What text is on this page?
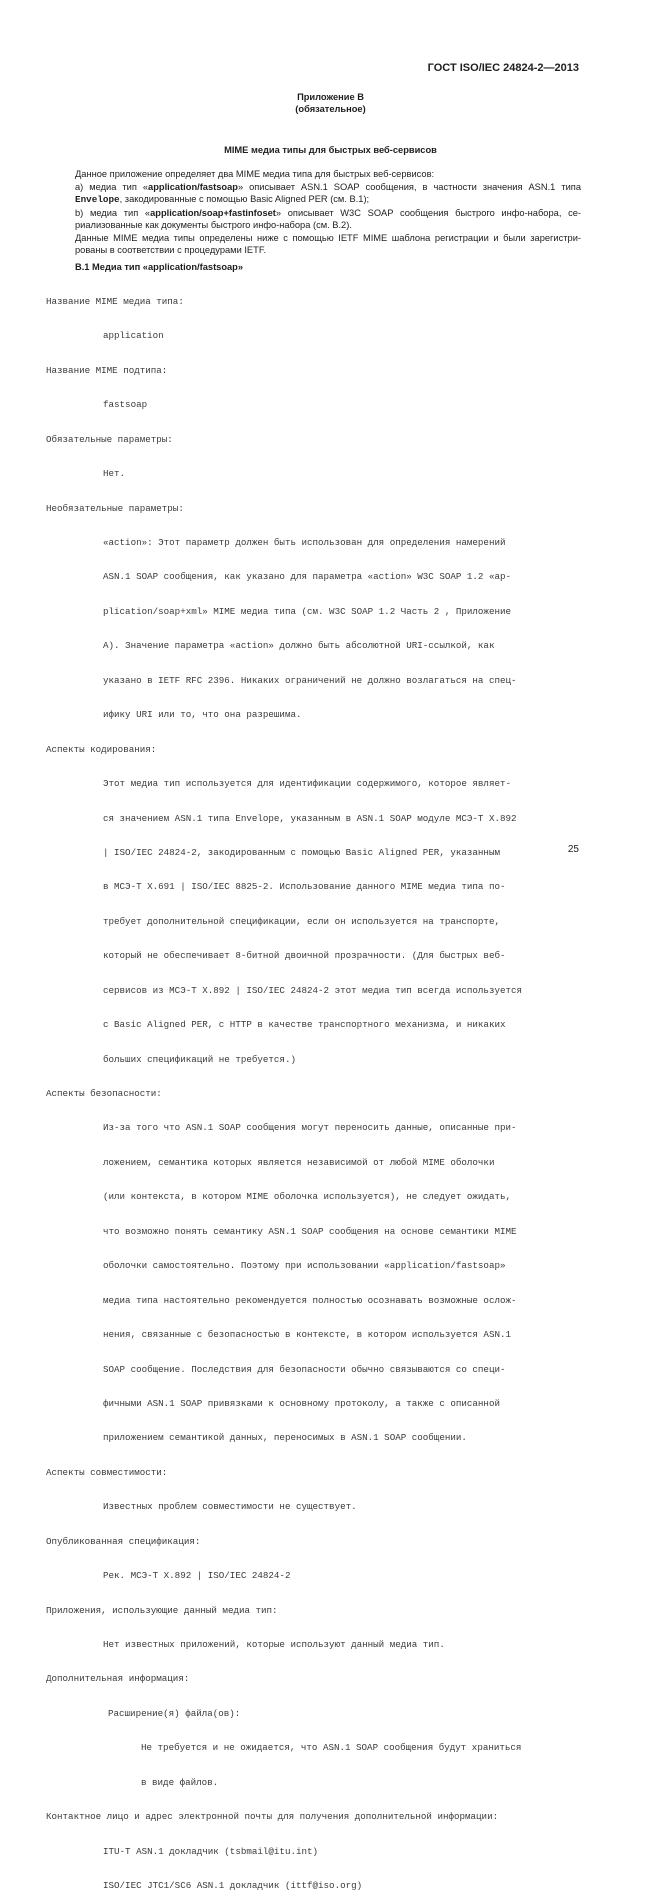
ГОСТ ISO/IEC 24824-2—2013
Приложение В
(обязательное)
MIME медиа типы для быстрых веб-сервисов

Данное приложение определяет два MIME медиа типа для быстрых веб-сервисов:

a) медиа тип «application/fastsoap» описывает ASN.1 SOAP сообщения, в частности значения ASN.1 типа Envelope, закодированные с помощью Basic Aligned PER (см. В.1);

b) медиа тип «application/soap+fastinfoset» описывает W3C SOAP сообщения быстрого инфо-набора, се-риализованные как документы быстрого инфо-набора (см. В.2).

Данные MIME медиа типы определены ниже с помощью IETF MIME шаблона регистрации и были зарегистри-рованы в соответствии с процедурами IETF.

В.1 Медиа тип «application/fastsoap»

Название MIME медиа типа:

application

Название MIME подтипа:

fastsoap

Обязательные параметры:

Нет.

Необязательные параметры:

«action»: Этот параметр должен быть использован для определения намерений

ASN.1 SOAP сообщения, как указано для параметра «action» W3C SOAP 1.2 «ap-

plication/soap+xml» MIME медиа типа (см. W3C SOAP 1.2 Часть 2 , Приложение

А). Значение параметра «action» должно быть абсолютной URI-ссылкой, как

указано в IETF RFC 2396. Никаких ограничений не должно возлагаться на спец-

ифику URI или то, что она разрешима.

Аспекты кодирования:

Этот медиа тип используется для идентификации содержимого, которое являет-

ся значением ASN.1 типа Envelope, указанным в ASN.1 SOAP модуле МСЭ-Т X.892

| ISO/IEC 24824-2, закодированным с помощью Basic Aligned PER, указанным

в МСЭ-Т X.691 | ISO/IEC 8825-2. Использование данного MIME медиа типа по-

требует дополнительной спецификации, если он используется на транспорте,

который не обеспечивает 8-битной двоичной прозрачности. (Для быстрых веб-

сервисов из МСЭ-Т X.892 | ISO/IEC 24824-2 этот медиа тип всегда используется

с Basic Aligned PER, с HTTP в качестве транспортного механизма, и никаких

больших спецификаций не требуется.)

Аспекты безопасности:

Из-за того что ASN.1 SOAP сообщения могут переносить данные, описанные при-

ложением, семантика которых является независимой от любой MIME оболочки

(или контекста, в котором MIME оболочка используется), не следует ожидать,

что возможно понять семантику ASN.1 SOAP сообщения на основе семантики MIME

оболочки самостоятельно. Поэтому при использовании «application/fastsoap»

медиа типа настоятельно рекомендуется полностью осознавать возможные ослож-

нения, связанные с безопасностью в контексте, в котором используется ASN.1

SOAP сообщение. Последствия для безопасности обычно связываются со специ-

фичными ASN.1 SOAP привязками к основному протоколу, а также с описанной

приложением семантикой данных, переносимых в ASN.1 SOAP сообщении.

Аспекты совместимости:

Известных проблем совместимости не существует.

Опубликованная спецификация:

Рек. МСЭ-Т X.892 | ISO/IEC 24824-2

Приложения, использующие данный медиа тип:

Нет известных приложений, которые используют данный медиа тип.

Дополнительная информация:

Расширение(я) файла(ов):

Не требуется и не ожидается, что ASN.1 SOAP сообщения будут храниться

в виде файлов.

Контактное лицо и адрес электронной почты для получения дополнительной информации:

ITU-T ASN.1 докладчик (tsbmail@itu.int)

ISO/IEC JTC1/SC6 ASN.1 докладчик (ittf@iso.org)

25
